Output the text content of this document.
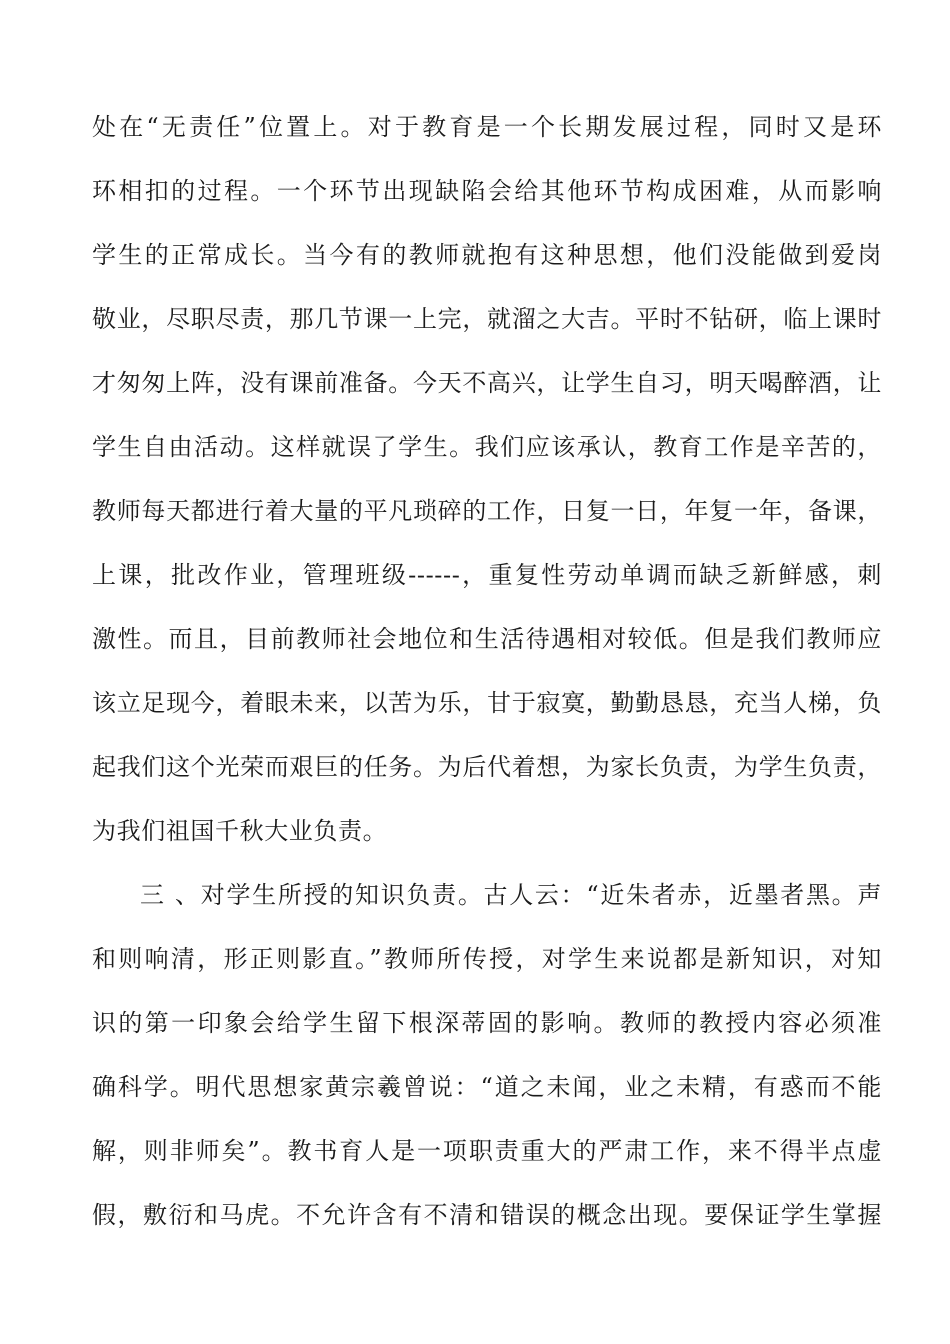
处在“无责任”位置上。对于教育是一个长期发展过程，同时又是环
环相扣的过程。一个环节出现缺陷会给其他环节构成困难，从而影响
学生的正常成长。当今有的教师就抱有这种思想，他们没能做到爱岗
敬业，尽职尽责，那几节课一上完，就溜之大吉。平时不钻研，临上课时
才匆匆上阵，没有课前准备。今天不高兴，让学生自习，明天喝醉酒，让
学生自由活动。这样就误了学生。我们应该承认，教育工作是辛苦的，
教师每天都进行着大量的平凡琐碎的工作，日复一日，年复一年，备课，
上课，批改作业，管理班级------，重复性劳动单调而缺乏新鲜感，刺
激性。而且，目前教师社会地位和生活待遇相对较低。但是我们教师应
该立足现今，着眼未来，以苦为乐，甘于寂寞，勤勤恳恳，充当人梯，负
起我们这个光荣而艰巨的任务。为后代着想，为家长负责，为学生负责，
为我们祖国千秋大业负责。
三 、对学生所授的知识负责。古人云：“近朱者赤，近墨者黑。声
和则响清，形正则影直。”教师所传授，对学生来说都是新知识，对知
识的第一印象会给学生留下根深蒂固的影响。教师的教授内容必须准
确科学。明代思想家黄宗羲曾说：“道之未闻，业之未精，有惑而不能
解，则非师矣”。教书育人是一项职责重大的严肃工作，来不得半点虚
假，敷衍和马虎。不允许含有不清和错误的概念出现。要保证学生掌握
